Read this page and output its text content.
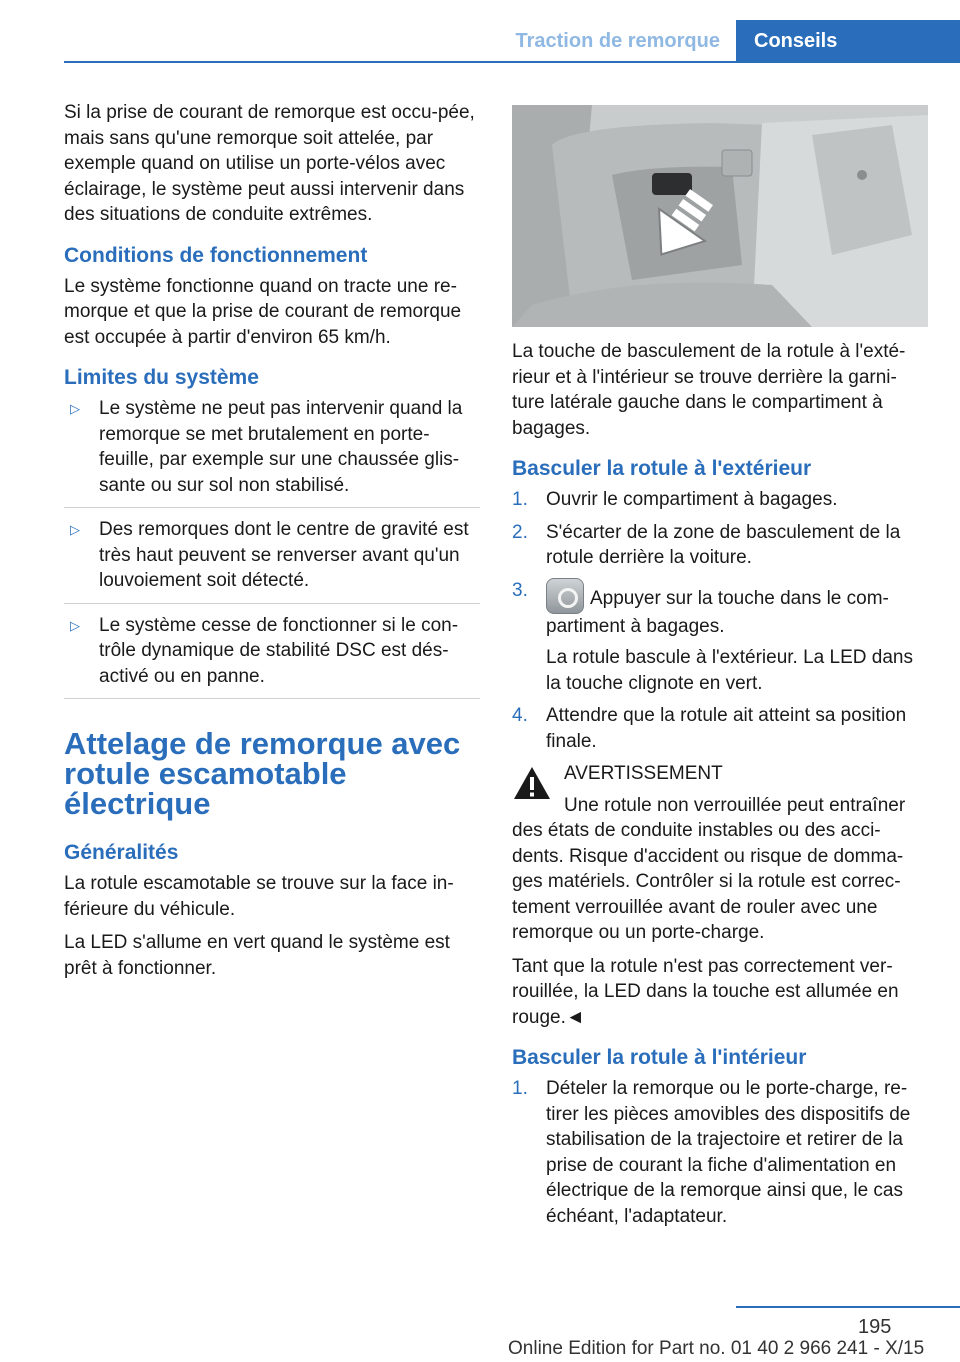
Traction de remorque	Conseils

Si la prise de courant de remorque est occu-pée, mais sans qu'une remorque soit attelée, par exemple quand on utilise un porte-vélos avec éclairage, le système peut aussi intervenir dans des situations de conduite extrêmes.

Conditions de fonctionnement

Le système fonctionne quand on tracte une re-morque et que la prise de courant de remorque est occupée à partir d'environ 65 km/h.

Limites du système
▷ Le système ne peut pas intervenir quand la remorque se met brutalement en porte-feuille, par exemple sur une chaussée glis-sante ou sur sol non stabilisé.
▷ Des remorques dont le centre de gravité est très haut peuvent se renverser avant qu'un louvoiement soit détecté.
▷ Le système cesse de fonctionner si le con-trôle dynamique de stabilité DSC est dés-activé ou en panne.
Attelage de remorque avec rotule escamotable électrique
Généralités

La rotule escamotable se trouve sur la face in-férieure du véhicule.

La LED s'allume en vert quand le système est prêt à fonctionner.

La touche de basculement de la rotule à l'exté-rieur et à l'intérieur se trouve derrière la garni-ture latérale gauche dans le compartiment à bagages.

Basculer la rotule à l'extérieur
1. Ouvrir le compartiment à bagages.
2. S'écarter de la zone de basculement de la rotule derrière la voiture.
3.	Appuyer sur la touche dans le com-partiment à bagages.
La rotule bascule à l'extérieur. La LED dans la touche clignote en vert.
4. Attendre que la rotule ait atteint sa position finale.
AVERTISSEMENT

Une rotule non verrouillée peut entraîner des états de conduite instables ou des acci-dents. Risque d'accident ou risque de domma-ges matériels. Contrôler si la rotule est correc-tement verrouillée avant de rouler avec une remorque ou un porte-charge.

Tant que la rotule n'est pas correctement ver-rouillée, la LED dans la touche est allumée en rouge.◄

Basculer la rotule à l'intérieur
1. Dételer la remorque ou le porte-charge, re-tirer les pièces amovibles des dispositifs de stabilisation de la trajectoire et retirer de la prise de courant la fiche d'alimentation en électrique de la remorque ainsi que, le cas échéant, l'adaptateur.
195
Online Edition for Part no. 01 40 2 966 241 - X/15
